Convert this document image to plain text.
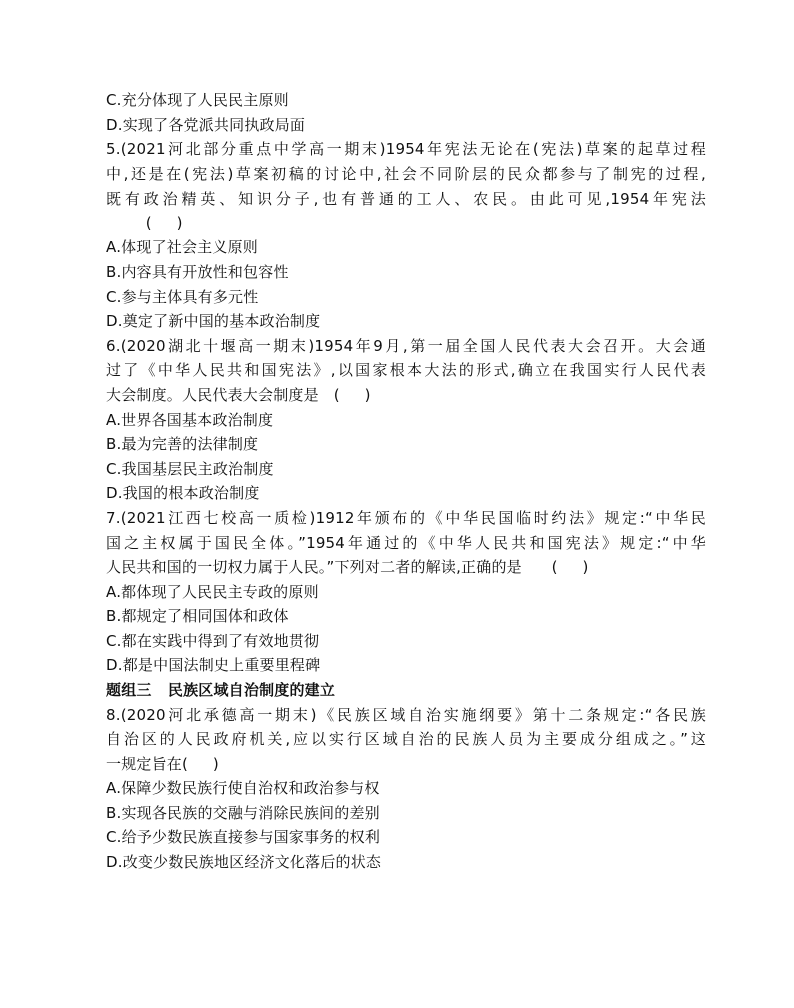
C.充分体现了人民民主原则
D.实现了各党派共同执政局面
5.(2021河北部分重点中学高一期末)1954年宪法无论在(宪法)草案的起草过程
中,还是在(宪法)草案初稿的讨论中,社会不同阶层的民众都参与了制宪的过程,
既有政治精英、知识分子,也有普通的工人、农民。由此可见,1954年宪法
(     )
A.体现了社会主义原则
B.内容具有开放性和包容性
C.参与主体具有多元性
D.奠定了新中国的基本政治制度
6.(2020湖北十堰高一期末)1954年9月,第一届全国人民代表大会召开。大会通
过了《中华人民共和国宪法》,以国家根本大法的形式,确立在我国实行人民代表
大会制度。人民代表大会制度是   (     )
A.世界各国基本政治制度
B.最为完善的法律制度
C.我国基层民主政治制度
D.我国的根本政治制度
7.(2021江西七校高一质检)1912年颁布的《中华民国临时约法》规定:“中华民
国之主权属于国民全体。”1954年通过的《中华人民共和国宪法》规定:“中华
人民共和国的一切权力属于人民。”下列对二者的解读,正确的是      (     )
A.都体现了人民民主专政的原则
B.都规定了相同国体和政体
C.都在实践中得到了有效地贯彻
D.都是中国法制史上重要里程碑
题组三   民族区域自治制度的建立
8.(2020河北承德高一期末)《民族区域自治实施纲要》第十二条规定:“各民族
自治区的人民政府机关,应以实行区域自治的民族人员为主要成分组成之。”这
一规定旨在(     )
A.保障少数民族行使自治权和政治参与权
B.实现各民族的交融与消除民族间的差别
C.给予少数民族直接参与国家事务的权利
D.改变少数民族地区经济文化落后的状态
